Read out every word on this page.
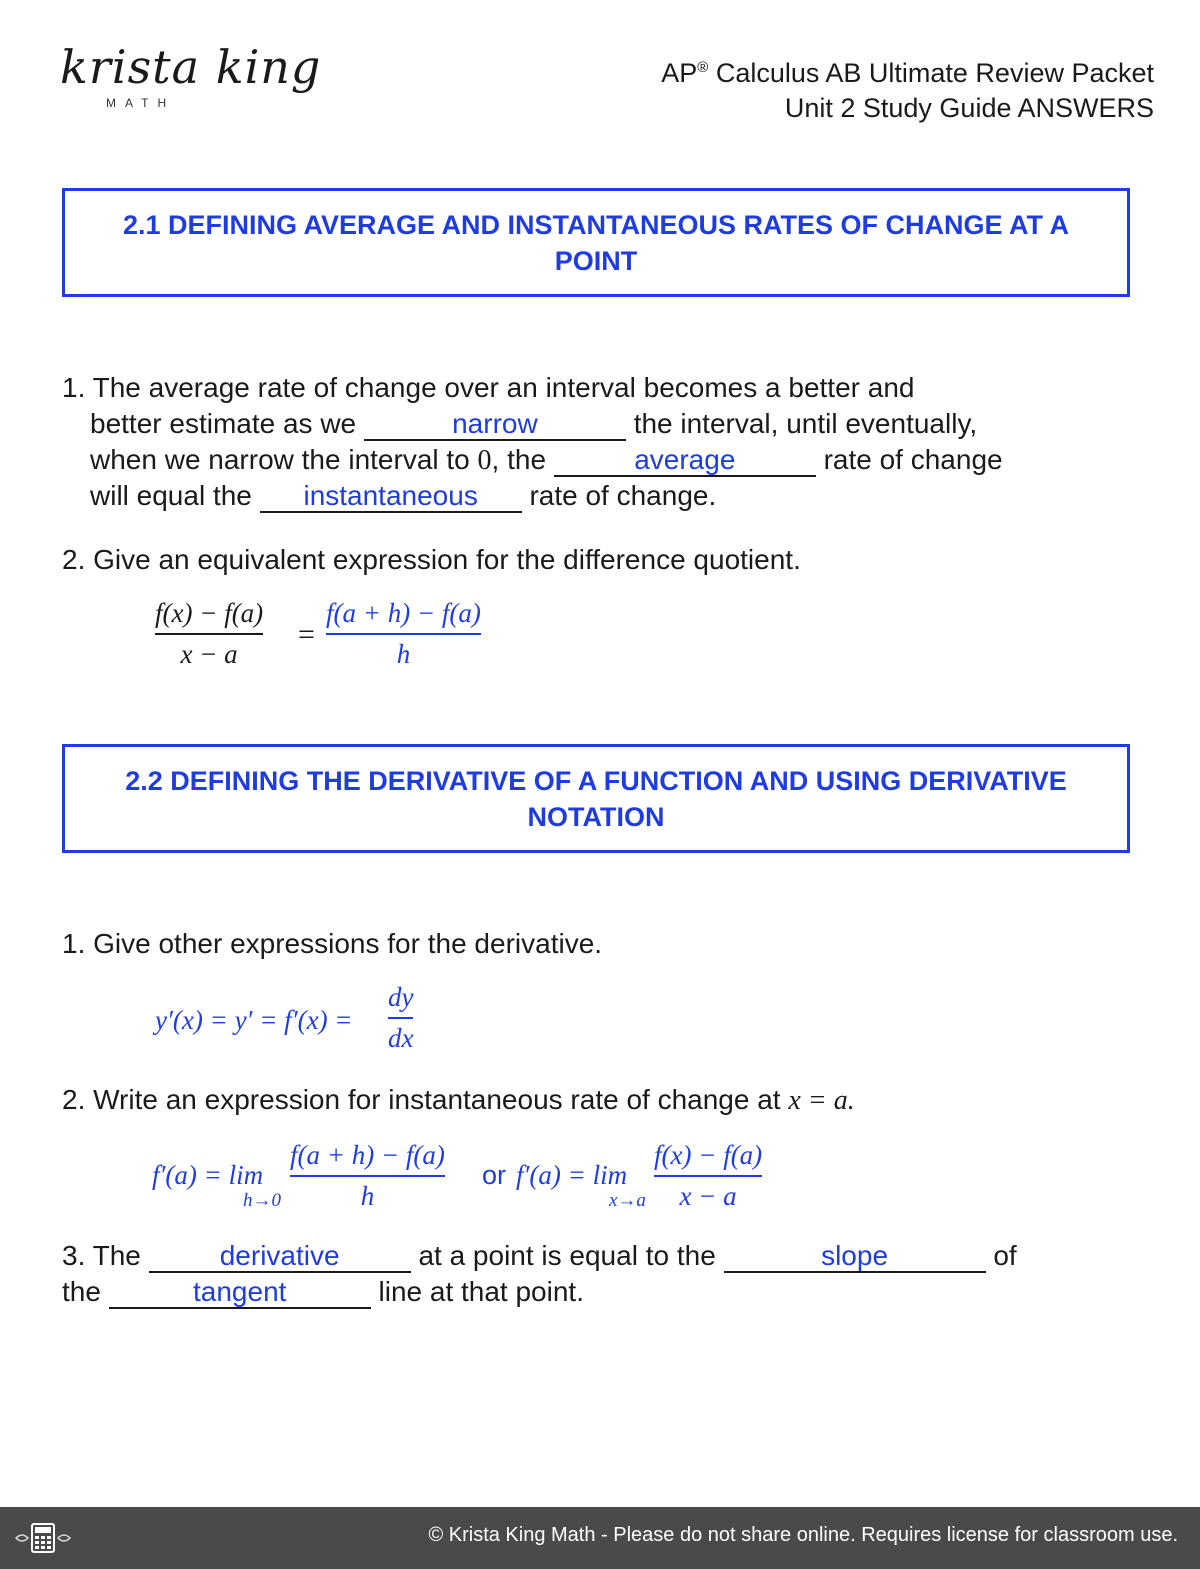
krista king
MATH
AP® Calculus AB Ultimate Review Packet
Unit 2 Study Guide ANSWERS
2.1 DEFINING AVERAGE AND INSTANTANEOUS RATES OF CHANGE AT A POINT
1. The average rate of change over an interval becomes a better and
better estimate as we	narrow	the interval, until eventually,
when we narrow the interval to 0, the	average	rate of change
will equal the instantaneous rate of change.
2. Give an equivalent expression for the difference quotient.
f(x) − f(a)
x − a
=
f(a + h) − f(a)
h
2.2 DEFINING THE DERIVATIVE OF A FUNCTION AND USING DERIVATIVE NOTATION
1. Give other expressions for the derivative.
y′(x) = y′ = f′(x) =
dy
dx
2. Write an expression for instantaneous rate of change at x = a.
f′(a) = lim
h→0
f(a + h) − f(a)
h
or f′(a) = lim
x→a
f(x) − f(a)
x − a
3. The	derivative	at a point is equal to the	slope	of
the	tangent	line at that point.
© Krista King Math - Please do not share online. Requires license for classroom use.
